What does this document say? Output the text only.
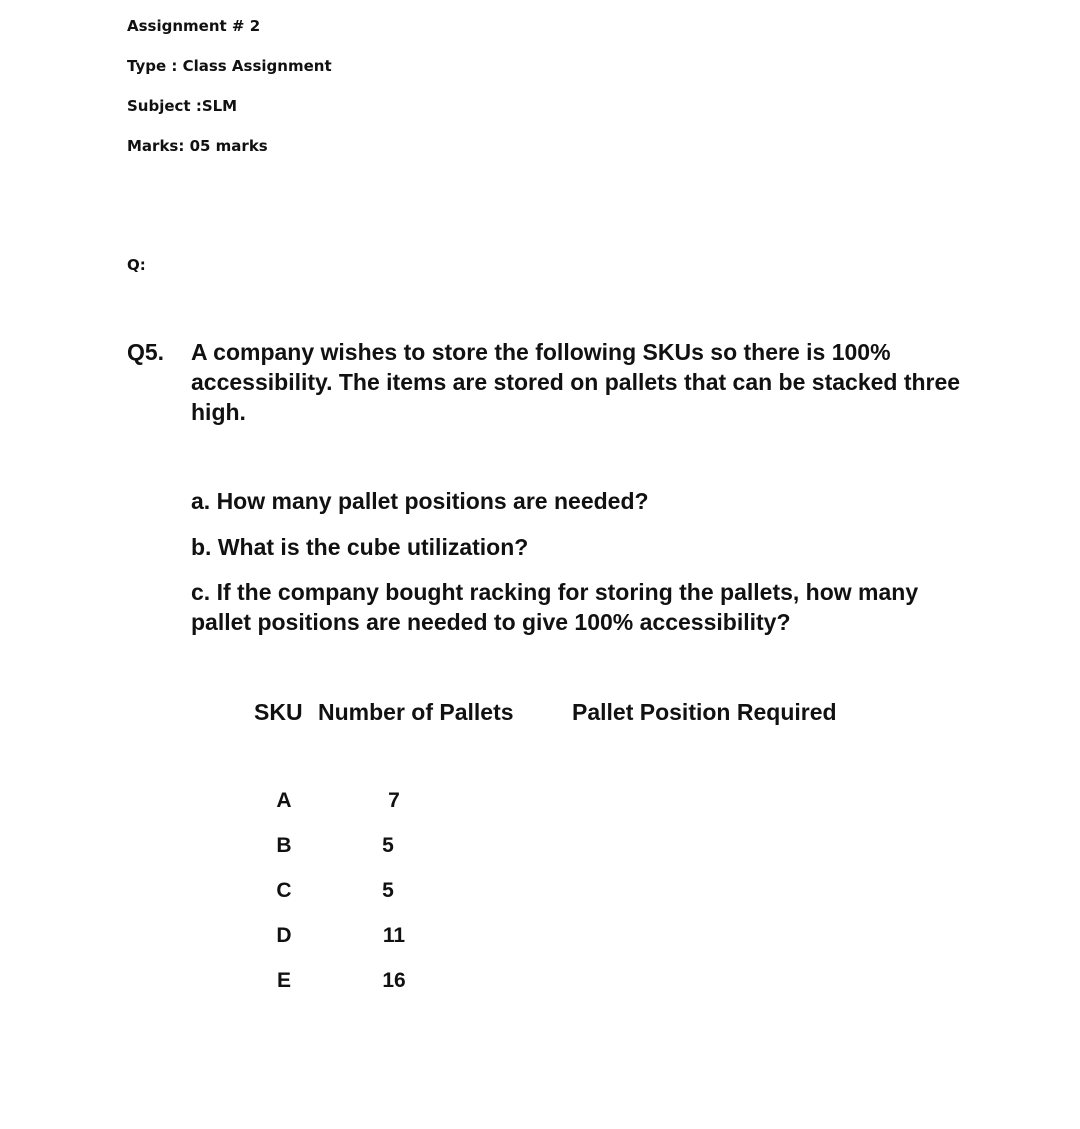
Assignment # 2
Type : Class Assignment
Subject :SLM
Marks: 05 marks
Q:
Q5. A company wishes to store the following SKUs so there is 100% accessibility. The items are stored on pallets that can be stacked three high.
a. How many pallet positions are needed?
b. What is the cube utilization?
c. If the company bought racking for storing the pallets, how many   pallet positions are needed to give 100% accessibility?
SKU Number of Pallets	Pallet Position Required
A	7
B	5
C	5
D	11
E	16
